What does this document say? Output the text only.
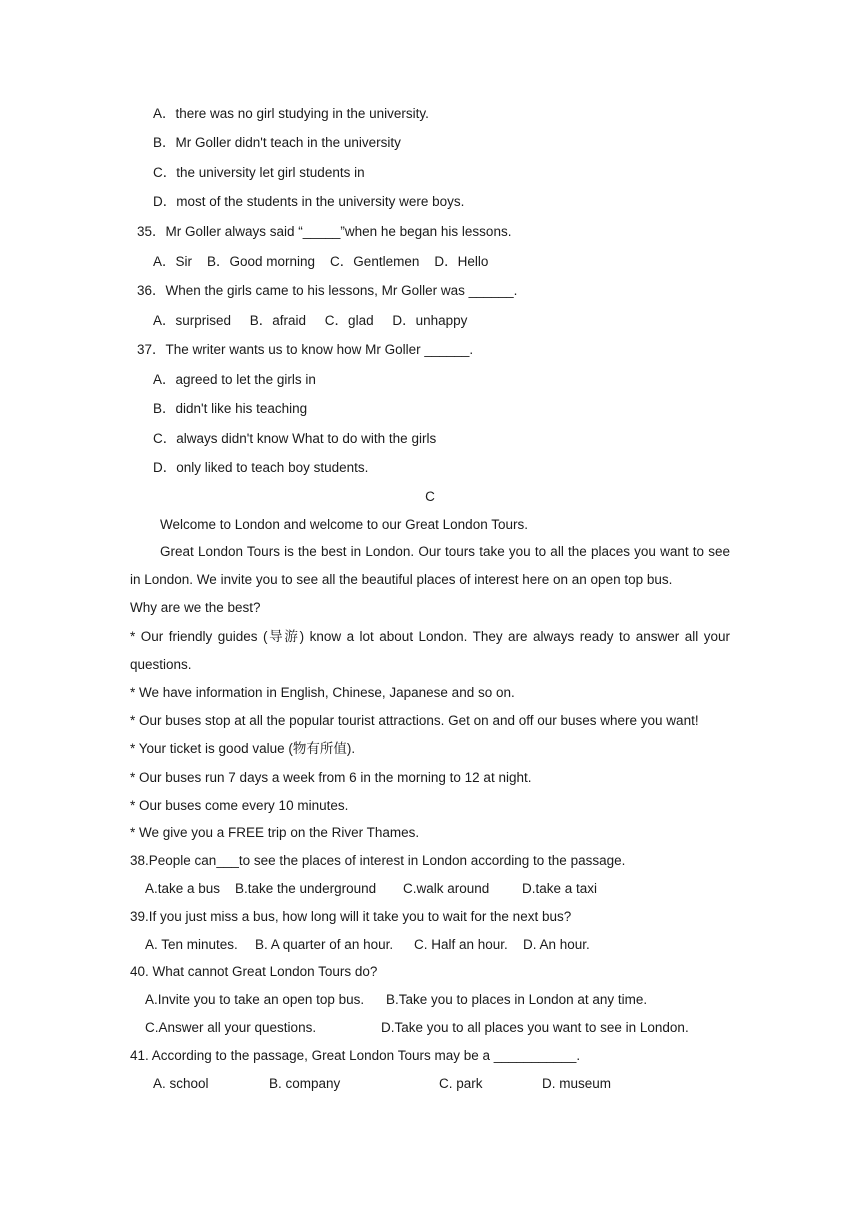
A．there was no girl studying in the university.
B．Mr Goller didn't teach in the university
C．the university let girl students in
D．most of the students in the university were boys.
35．Mr Goller always said “_____”when he began his lessons.
A．Sir    B．Good morning    C．Gentlemen    D．Hello
36．When the girls came to his lessons, Mr Goller was ______.
A．surprised     B．afraid     C．glad     D．unhappy
37．The writer wants us to know how Mr Goller ______.
A．agreed to let the girls in
B．didn't like his teaching
C．always didn't know What to do with the girls
D．only liked to teach boy students.
C
Welcome to London and welcome to our Great London Tours.
Great London Tours is the best in London. Our tours take you to all the places you want to see in London. We invite you to see all the beautiful places of interest here on an open top bus.
Why are we the best?
* Our friendly guides (导游) know a lot about London. They are always ready to answer all your questions.
* We have information in English, Chinese, Japanese and so on.
* Our buses stop at all the popular tourist attractions. Get on and off our buses where you want!
* Your ticket is good value (物有所值).
* Our buses run 7 days a week from 6 in the morning to 12 at night.
* Our buses come every 10 minutes.
* We give you a FREE trip on the River Thames.
38.People can___to see the places of interest in London according to the passage.

A.take a bus

B.take the underground

C.walk around

D.take a taxi

39.If you just miss a bus, how long will it take you to wait for the next bus?

A. Ten minutes.

B. A quarter of an hour.

C. Half an hour.

D. An hour.

40. What cannot Great London Tours do?

A.Invite you to take an open top bus.

B.Take you to places in London at any time.

C.Answer all your questions.

	D.Take you to all places you want to see in London.

41. According to the passage, Great London Tours may be a ___________.

A. school

	B. company

	C. park

	D. museum
